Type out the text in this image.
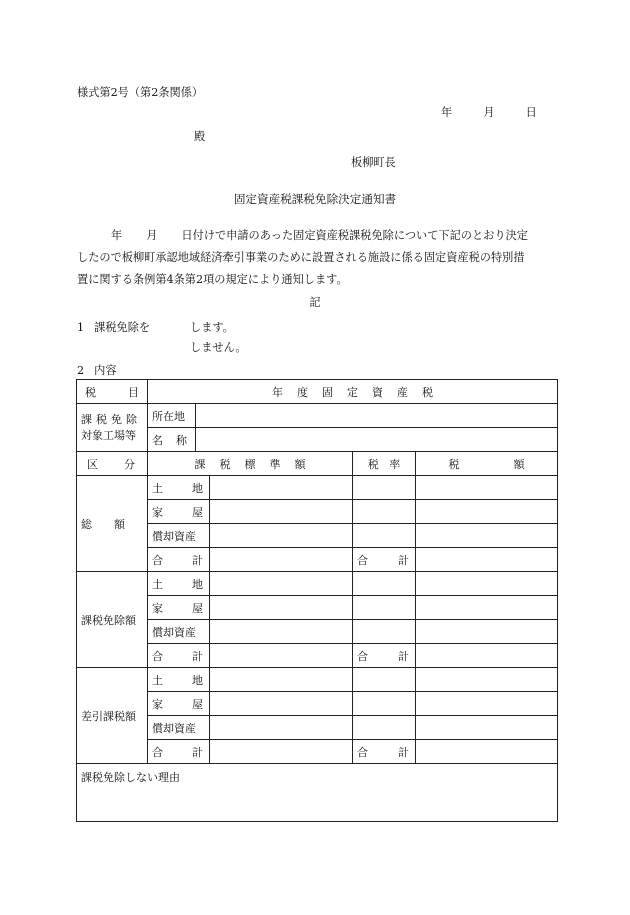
様式第2号（第2条関係）
年	月	日
殿
板柳町長
固定資産税課税免除決定通知書
年 月 日付けで申請のあった固定資産税課税免除について下記のとおり決定
したので板柳町承認地域経済牽引事業のために設置される施設に係る固定資産税の特別措
置に関する条例第4条第2項の規定により通知します。
記
1 課税免除を	します。
しません。
2 内容
税 目	年 度 固 定 資 産 税				

課税免除
対象工場等	所在地				

	名 称				

区 分	課 税 標 準 額			税 率	税 額
総　　額	土 地				

	家 屋				

	償却資産				

	合 計			合 計	

課税免除額	土 地				

	家 屋				

	償却資産				

	合 計			合 計	

差引課税額	土 地				

	家 屋				

	償却資産				

	合 計			合 計	

課税免除しない理由					
